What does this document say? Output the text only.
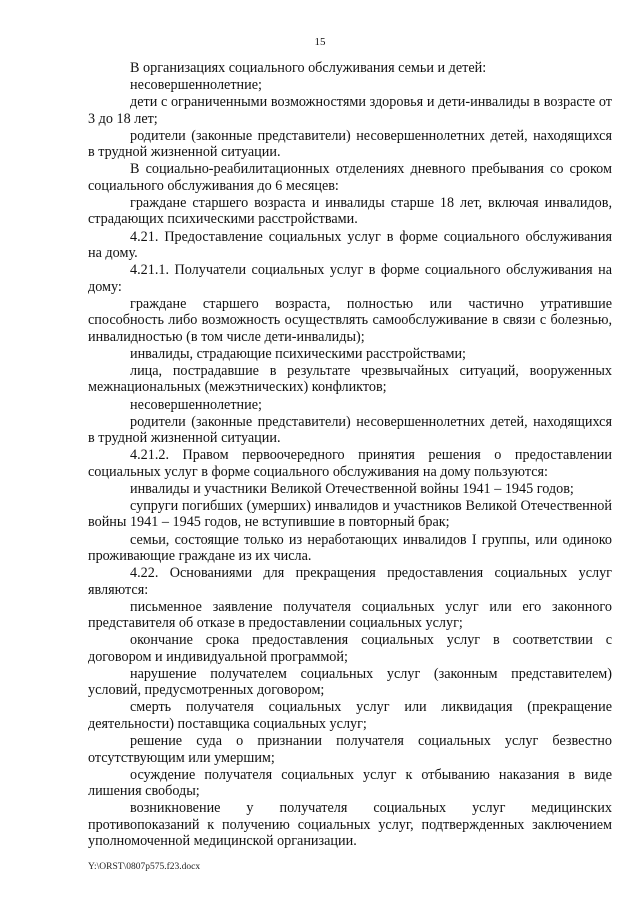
15

В организациях социального обслуживания семьи и детей:

несовершеннолетние;

дети с ограниченными возможностями здоровья и дети-инвалиды в возрасте от 3 до 18 лет;

родители (законные представители) несовершеннолетних детей, находящихся в трудной жизненной ситуации.

В социально-реабилитационных отделениях дневного пребывания со сроком социального обслуживания до 6 месяцев:

граждане старшего возраста и инвалиды старше 18 лет, включая инвалидов, страдающих психическими расстройствами.

4.21. Предоставление социальных услуг в форме социального обслуживания на дому.

4.21.1. Получатели социальных услуг в форме социального обслуживания на дому:

граждане старшего возраста, полностью или частично утратившие способность либо возможность осуществлять самообслуживание в связи с болезнью, инвалидностью (в том числе дети-инвалиды);

инвалиды, страдающие психическими расстройствами;

лица, пострадавшие в результате чрезвычайных ситуаций, вооруженных межнациональных (межэтнических) конфликтов;

несовершеннолетние;

родители (законные представители) несовершеннолетних детей, находящихся в трудной жизненной ситуации.

4.21.2. Правом первоочередного принятия решения о предоставлении социальных услуг в форме социального обслуживания на дому пользуются:

инвалиды и участники Великой Отечественной войны 1941 – 1945 годов;

супруги погибших (умерших) инвалидов и участников Великой Отечественной войны 1941 – 1945 годов, не вступившие в повторный брак;

семьи, состоящие только из неработающих инвалидов I группы, или одиноко проживающие граждане из их числа.

4.22. Основаниями для прекращения предоставления социальных услуг являются:

письменное заявление получателя социальных услуг или его законного представителя об отказе в предоставлении социальных услуг;

окончание срока предоставления социальных услуг в соответствии с договором и индивидуальной программой;

нарушение получателем социальных услуг (законным представителем) условий, предусмотренных договором;

смерть получателя социальных услуг или ликвидация (прекращение деятельности) поставщика социальных услуг;

решение суда о признании получателя социальных услуг безвестно отсутствующим или умершим;

осуждение получателя социальных услуг к отбыванию наказания в виде лишения свободы;

возникновение у получателя социальных услуг медицинских противопоказаний к получению социальных услуг, подтвержденных заключением уполномоченной медицинской организации.

Y:\ORST\0807p575.f23.docx
